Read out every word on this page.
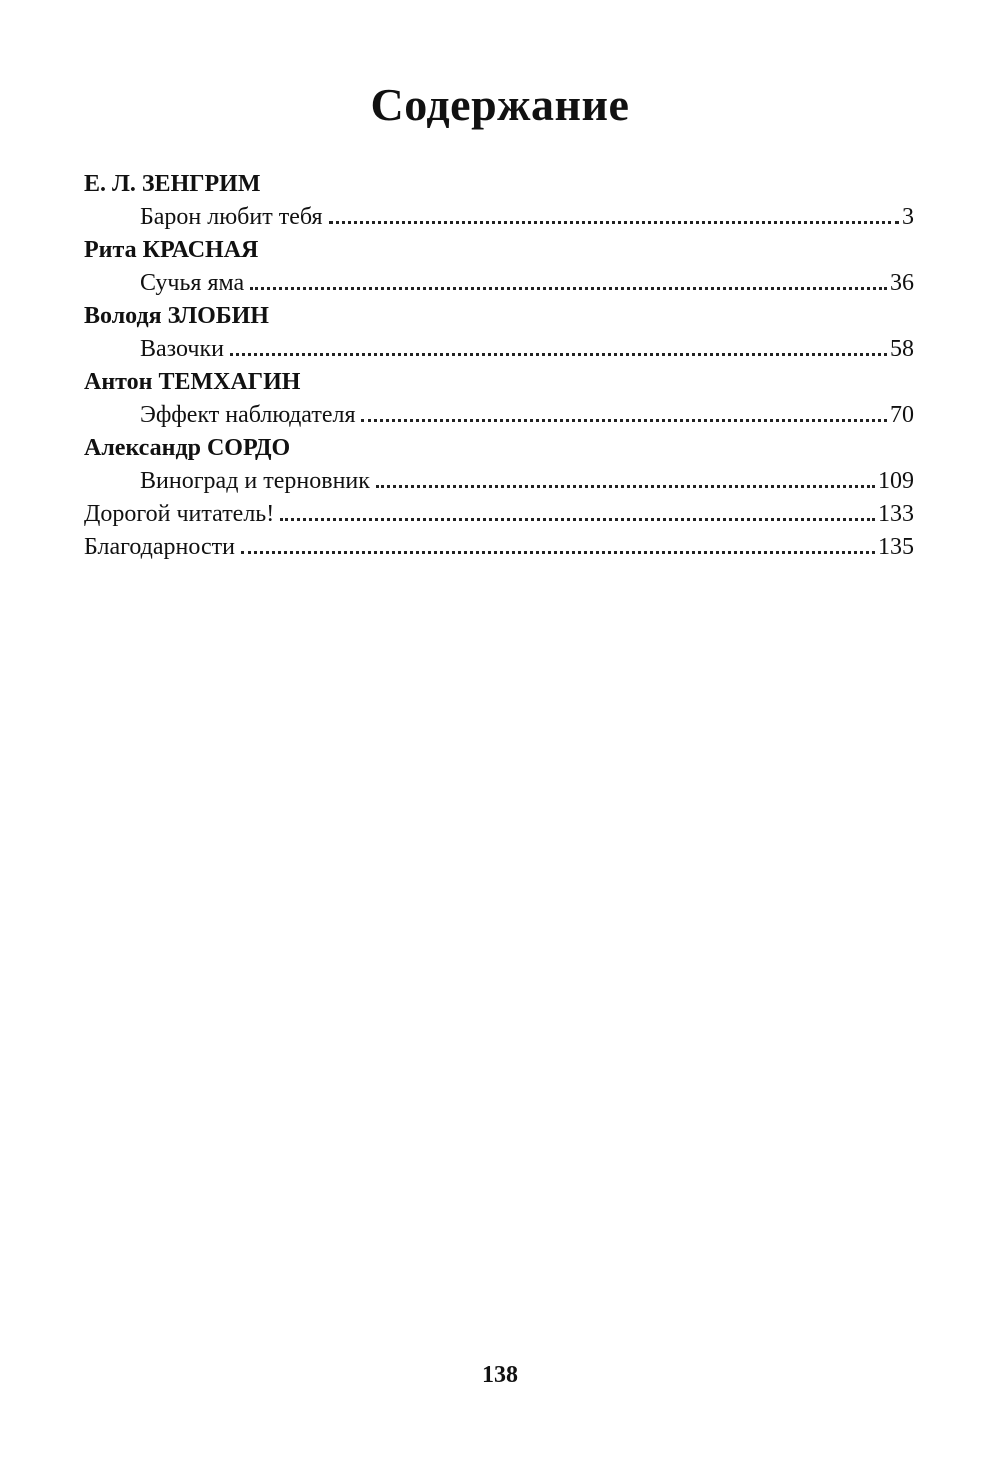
Содержание
Е. Л. ЗЕНГРИМ
Барон любит тебя	3
Рита КРАСНАЯ
Сучья яма	36
Володя ЗЛОБИН
Вазочки	58
Антон ТЕМХАГИН
Эффект наблюдателя	70
Александр СОРДО
Виноград и терновник	109
Дорогой читатель!	133
Благодарности	135
138
